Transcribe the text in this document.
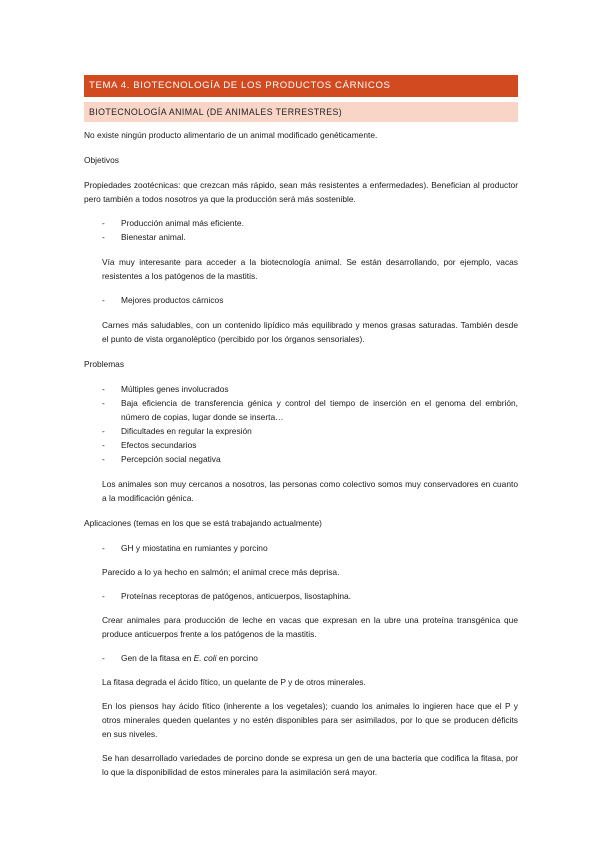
TEMA 4. BIOTECNOLOGÍA DE LOS PRODUCTOS CÁRNICOS
BIOTECNOLOGÍA ANIMAL (DE ANIMALES TERRESTRES)

No existe ningún producto alimentario de un animal modificado genéticamente.

Objetivos

Propiedades zootécnicas: que crezcan más rápido, sean más resistentes a enfermedades). Benefician al productor pero también a todos nosotros ya que la producción será más sostenible.

- Producción animal más eficiente.
- Bienestar animal.

Vía muy interesante para acceder a la biotecnología animal. Se están desarrollando, por ejemplo, vacas resistentes a los patógenos de la mastitis.

- Mejores productos cárnicos

Carnes más saludables, con un contenido lipídico más equilibrado y menos grasas saturadas. También desde el punto de vista organoléptico (percibido por los órganos sensoriales).

Problemas

- Múltiples genes involucrados
- Baja eficiencia de transferencia génica y control del tiempo de inserción en el genoma del embrión, número de copias, lugar donde se inserta…
- Dificultades en regular la expresión
- Efectos secundarios
- Percepción social negativa

Los animales son muy cercanos a nosotros, las personas como colectivo somos muy conservadores en cuanto a la modificación génica.

Aplicaciones (temas en los que se está trabajando actualmente)

- GH y miostatina en rumiantes y porcino

Parecido a lo ya hecho en salmón; el animal crece más deprisa.

- Proteínas receptoras de patógenos, anticuerpos, lisostaphina.

Crear animales para producción de leche en vacas que expresan en la ubre una proteína transgénica que produce anticuerpos frente a los patógenos de la mastitis.

- Gen de la fitasa en E. coli en porcino

La fitasa degrada el ácido fítico, un quelante de P y de otros minerales.

En los piensos hay ácido fítico (inherente a los vegetales); cuando los animales lo ingieren hace que el P y otros minerales queden quelantes y no estén disponibles para ser asimilados, por lo que se producen déficits en sus niveles.

Se han desarrollado variedades de porcino donde se expresa un gen de una bacteria que codifica la fitasa, por lo que la disponibilidad de estos minerales para la asimilación será mayor.
